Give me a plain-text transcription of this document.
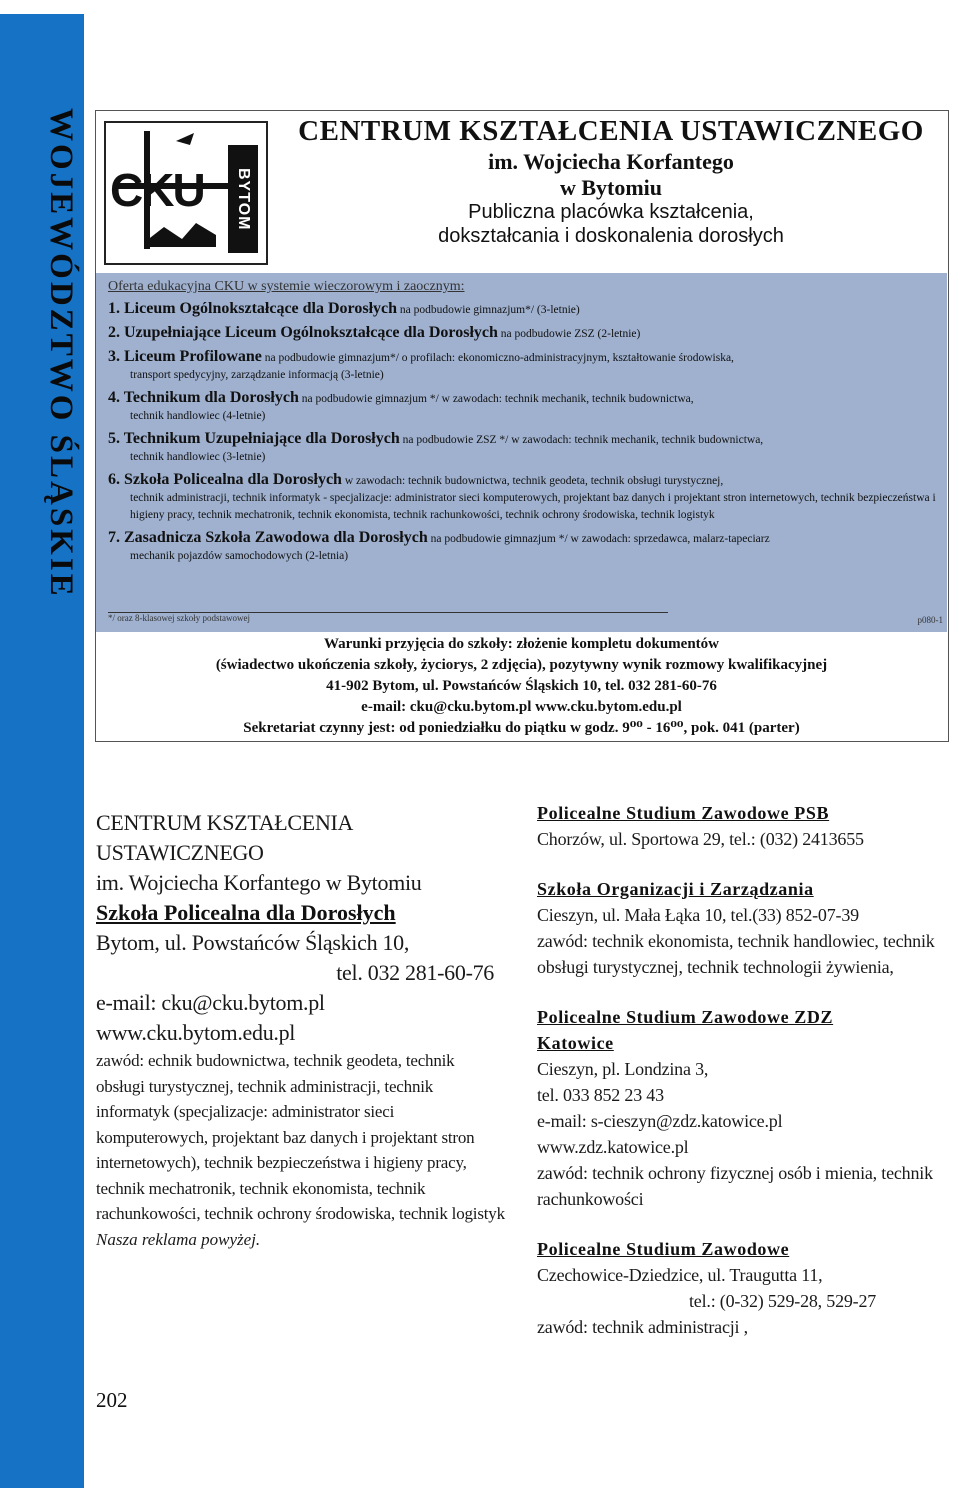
WOJEWÓDZTWO ŚLĄSKIE CKU	BYTOM
CENTRUM KSZTAŁCENIA USTAWICZNEGO
im. Wojciecha Korfantego
w Bytomiu
Publiczna placówka kształcenia,
dokształcania i doskonalenia dorosłych
Oferta edukacyjna CKU w systemie wieczorowym i zaocznym:
1. Liceum Ogólnokształcące dla Dorosłych na podbudowie gimnazjum*/ (3-letnie)
2. Uzupełniające Liceum Ogólnokształcące dla Dorosłych na podbudowie ZSZ (2-letnie)
3. Liceum Profilowane na podbudowie gimnazjum*/ o profilach: ekonomiczno-administracyjnym, kształtowanie środowiska,
transport spedycyjny, zarządzanie informacją (3-letnie)
4. Technikum dla Dorosłych na podbudowie gimnazjum */ w zawodach: technik mechanik, technik budownictwa,
technik handlowiec (4-letnie)
5. Technikum Uzupełniające dla Dorosłych na podbudowie ZSZ */ w zawodach: technik mechanik, technik budownictwa,
technik handlowiec (3-letnie)
6. Szkoła Policealna dla Dorosłych w zawodach: technik budownictwa, technik geodeta, technik obsługi turystycznej,
technik administracji, technik informatyk - specjalizacje: administrator sieci komputerowych, projektant baz danych i projektant stron internetowych, technik bezpieczeństwa i higieny pracy, technik mechatronik, technik ekonomista, technik rachunkowości, technik ochrony środowiska, technik logistyk
7. Zasadnicza Szkoła Zawodowa dla Dorosłych na podbudowie gimnazjum */ w zawodach: sprzedawca, malarz-tapeciarz
mechanik pojazdów samochodowych (2-letnia)
*/ oraz 8-klasowej szkoły podstawowej	p080-1
Warunki przyjęcia do szkoły: złożenie kompletu dokumentów
(świadectwo ukończenia szkoły, życiorys, 2 zdjęcia), pozytywny wynik rozmowy kwalifikacyjnej
41-902 Bytom, ul. Powstańców Śląskich 10, tel. 032 281-60-76
e-mail: cku@cku.bytom.pl www.cku.bytom.edu.pl
Sekretariat czynny jest: od poniedziałku do piątku w godz. 9⁰⁰ - 16⁰⁰, pok. 041 (parter)
CENTRUM KSZTAŁCENIA
USTAWICZNEGO
im. Wojciecha Korfantego w Bytomiu
Szkoła Policealna dla Dorosłych
Bytom, ul. Powstańców Śląskich 10,
tel. 032 281-60-76
e-mail: cku@cku.bytom.pl
www.cku.bytom.edu.pl
zawód: echnik budownictwa, technik geodeta, technik obsługi turystycznej, technik administracji, technik informatyk (specjalizacje: administrator sieci komputerowych, projektant baz danych i projektant stron internetowych), technik bezpieczeństwa i higieny pracy, technik mechatronik, technik ekonomista, technik rachunkowości, technik ochrony środowiska, technik logistyk
Nasza reklama powyżej.
Policealne Studium Zawodowe PSB
Chorzów, ul. Sportowa 29, tel.: (032) 2413655
Szkoła Organizacji i Zarządzania
Cieszyn, ul. Mała Łąka 10, tel.(33) 852-07-39
zawód: technik ekonomista, technik handlowiec, technik obsługi turystycznej, technik technologii żywienia,
Policealne Studium Zawodowe ZDZ
Katowice
Cieszyn, pl. Londzina 3,
tel. 033 852 23 43
e-mail: s-cieszyn@zdz.katowice.pl
www.zdz.katowice.pl
zawód: technik ochrony fizycznej osób i mienia, technik rachunkowości
Policealne Studium Zawodowe
Czechowice-Dziedzice, ul. Traugutta 11,
tel.: (0-32) 529-28, 529-27
zawód: technik administracji ,
202
